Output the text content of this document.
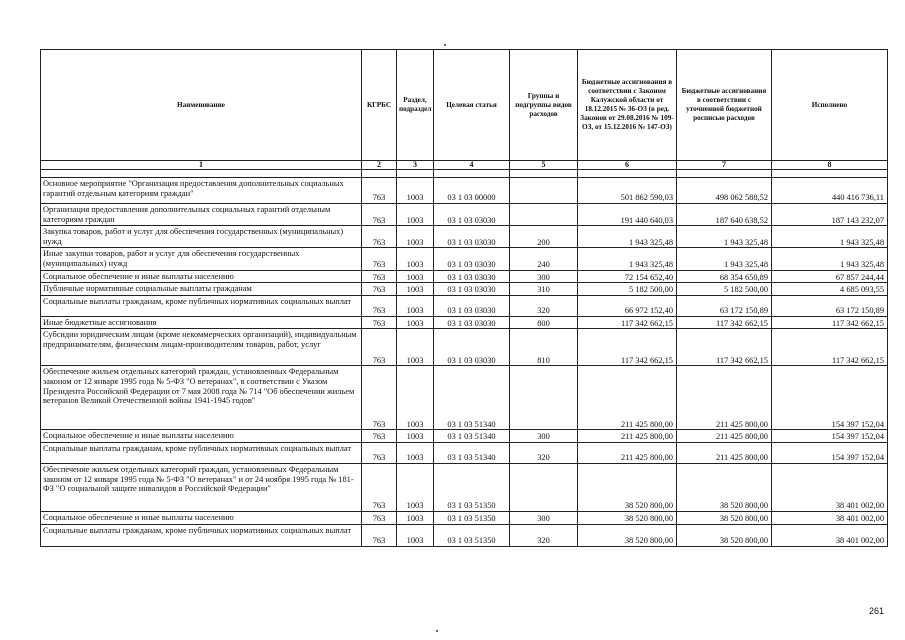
Наименование	КГРБС	Раздел, подраздел	Целевая статья	Группы и подгруппы видов расходов	Бюджетные ассигнования в соответствии с Законом Калужской области от 18.12.2015 № 36-ОЗ (в ред. Законов от 29.08.2016 № 109-ОЗ, от 15.12.2016 № 147-ОЗ)	Бюджетные ассигнования в соответствии с уточненной бюджетной росписью расходов	Исполнено
1	2	3	4	5	6	7	8

Основное мероприятие "Организация предоставления дополнительных социальных гарантий отдельным категориям граждан"	763	1003	03 1 03 00000		501 862 590,03	498 062 588,52	440 416 736,11
Организация предоставления дополнительных социальных гарантий отдельным категориям граждан	763	1003	03 1 03 03030		191 440 640,03	187 640 638,52	187 143 232,07
Закупка товаров, работ и услуг для обеспечения государственных (муниципальных) нужд	763	1003	03 1 03 03030	200	1 943 325,48	1 943 325,48	1 943 325,48
Иные закупки товаров, работ и услуг для обеспечения государственных (муниципальных) нужд	763	1003	03 1 03 03030	240	1 943 325,48	1 943 325,48	1 943 325,48
Социальное обеспечение и иные выплаты населению	763	1003	03 1 03 03030	300	72 154 652,40	68 354 650,89	67 857 244,44
Публичные нормативные социальные выплаты гражданам	763	1003	03 1 03 03030	310	5 182 500,00	5 182 500,00	4 685 093,55
Социальные выплаты гражданам, кроме публичных нормативных социальных выплат	763	1003	03 1 03 03030	320	66 972 152,40	63 172 150,89	63 172 150,89
Иные бюджетные ассигнования	763	1003	03 1 03 03030	800	117 342 662,15	117 342 662,15	117 342 662,15
Субсидии юридическим лицам (кроме некоммерческих организаций), индивидуальным предпринимателям, физическим лицам-производителям товаров, работ, услуг	763	1003	03 1 03 03030	810	117 342 662,15	117 342 662,15	117 342 662,15
Обеспечение жильем отдельных категорий граждан, установленных Федеральным законом от 12 января 1995 года № 5-ФЗ "О ветеранах", в соответствии с Указом Президента Российской Федерации от 7 мая 2008 года № 714 "Об обеспечении жильем ветеранов Великой Отечественной войны 1941-1945 годов"	763	1003	03 1 03 51340		211 425 800,00	211 425 800,00	154 397 152,04
Социальное обеспечение и иные выплаты населению	763	1003	03 1 03 51340	300	211 425 800,00	211 425 800,00	154 397 152,04
Социальные выплаты гражданам, кроме публичных нормативных социальных выплат	763	1003	03 1 03 51340	320	211 425 800,00	211 425 800,00	154 397 152,04
Обеспечение жильем отдельных категорий граждан, установленных Федеральным законом от 12 января 1995 года № 5-ФЗ "О ветеранах" и от 24 ноября 1995 года № 181-ФЗ "О социальной защите инвалидов в Российской Федерации"	763	1003	03 1 03 51350		38 520 800,00	38 520 800,00	38 401 002,00
Социальное обеспечение и иные выплаты населению	763	1003	03 1 03 51350	300	38 520 800,00	38 520 800,00	38 401 002,00
Социальные выплаты гражданам, кроме публичных нормативных социальных выплат	763	1003	03 1 03 51350	320	38 520 800,00	38 520 800,00	38 401 002,00
261
